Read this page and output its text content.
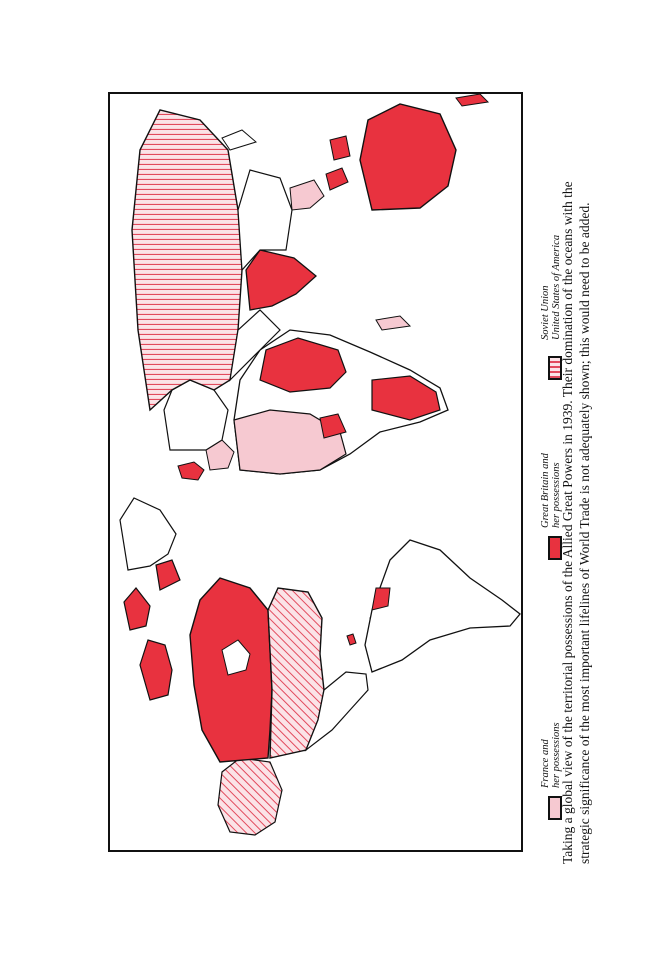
France and her possessions
Great Britain and her possessions
Soviet Union United States of America
Taking a global view of the territorial possessions of the Allied Great Powers in 1939. Their domination of the oceans with the strategic significance of the most important lifelines of World Trade is not adequately shown; this would need to be added.
